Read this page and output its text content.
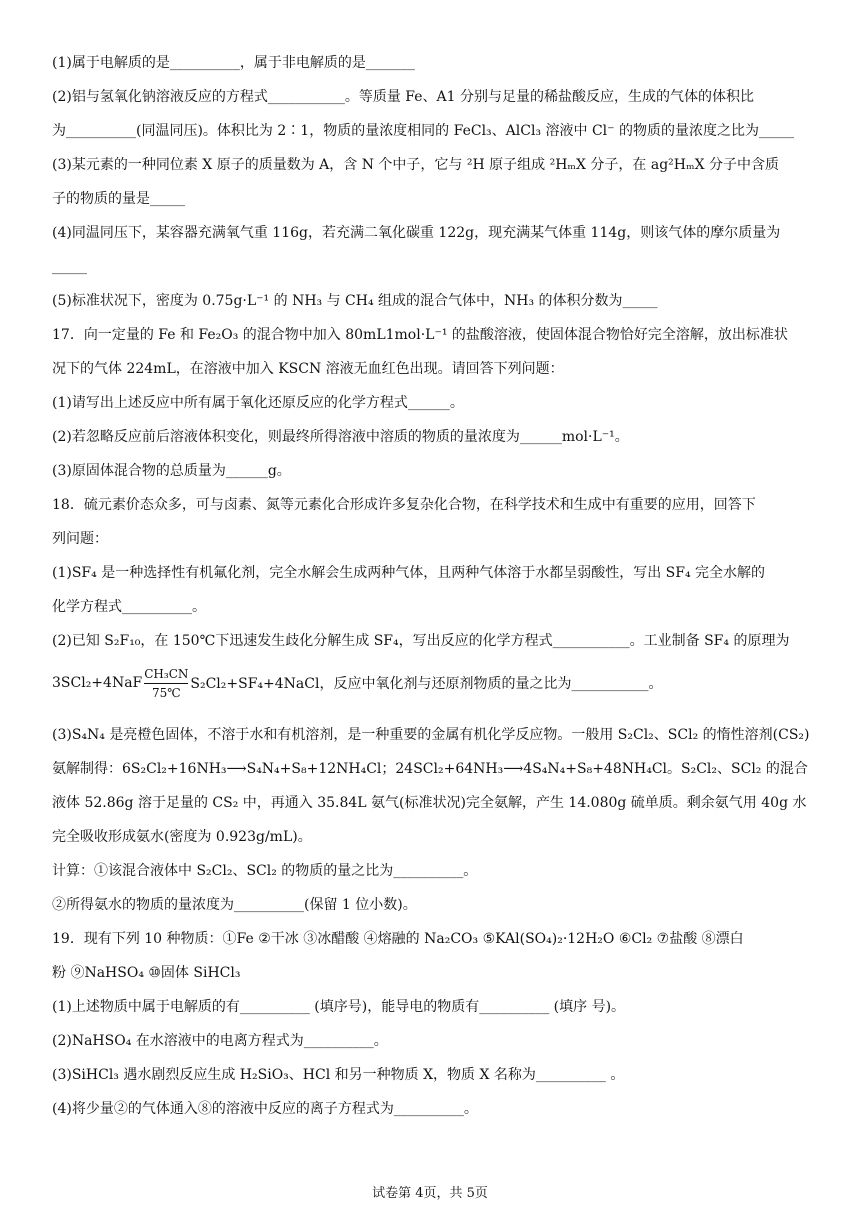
(1)属于电解质的是__________，属于非电解质的是_______

(2)铝与氢氧化钠溶液反应的方程式___________。等质量 Fe、A1 分别与足量的稀盐酸反应，生成的气体的体积比

为__________(同温同压)。体积比为 2∶1，物质的量浓度相同的 FeCl₃、AlCl₃ 溶液中 Cl⁻ 的物质的量浓度之比为_____

(3)某元素的一种同位素 X 原子的质量数为 A，含 N 个中子，它与 ²H 原子组成 ²HₘX 分子，在 ag²HₘX 分子中含质

子的物质的量是_____

(4)同温同压下，某容器充满氧气重 116g，若充满二氧化碳重 122g，现充满某气体重 114g，则该气体的摩尔质量为

_____

(5)标准状况下，密度为 0.75g·L⁻¹ 的 NH₃ 与 CH₄ 组成的混合气体中，NH₃ 的体积分数为_____

17．向一定量的 Fe 和 Fe₂O₃ 的混合物中加入 80mL1mol·L⁻¹ 的盐酸溶液，使固体混合物恰好完全溶解，放出标准状

况下的气体 224mL，在溶液中加入 KSCN 溶液无血红色出现。请回答下列问题：

(1)请写出上述反应中所有属于氧化还原反应的化学方程式______。

(2)若忽略反应前后溶液体积变化，则最终所得溶液中溶质的物质的量浓度为______mol·L⁻¹。

(3)原固体混合物的总质量为______g。

18．硫元素价态众多，可与卤素、氮等元素化合形成许多复杂化合物，在科学技术和生成中有重要的应用，回答下

列问题：

(1)SF₄ 是一种选择性有机氟化剂，完全水解会生成两种气体，且两种气体溶于水都呈弱酸性，写出 SF₄ 完全水解的

化学方程式__________。

(2)已知 S₂F₁₀，在 150℃下迅速发生歧化分解生成 SF₄，写出反应的化学方程式___________。工业制备 SF₄ 的原理为

3SCl₂+4NaF
CH₃CN
75℃
S₂Cl₂+SF₄+4NaCl，反应中氧化剂与还原剂物质的量之比为___________。

(3)S₄N₄ 是亮橙色固体，不溶于水和有机溶剂，是一种重要的金属有机化学反应物。一般用 S₂Cl₂、SCl₂ 的惰性溶剂(CS₂)

氨解制得：6S₂Cl₂+16NH₃⟶S₄N₄+S₈+12NH₄Cl；24SCl₂+64NH₃⟶4S₄N₄+S₈+48NH₄Cl。S₂Cl₂、SCl₂ 的混合

液体 52.86g 溶于足量的 CS₂ 中，再通入 35.84L 氨气(标准状况)完全氨解，产生 14.080g 硫单质。剩余氨气用 40g 水

完全吸收形成氨水(密度为 0.923g/mL)。

计算：①该混合液体中 S₂Cl₂、SCl₂ 的物质的量之比为__________。

②所得氨水的物质的量浓度为__________(保留 1 位小数)。

19．现有下列 10 种物质：①Fe ②干冰 ③冰醋酸 ④熔融的 Na₂CO₃ ⑤KAl(SO₄)₂·12H₂O ⑥Cl₂ ⑦盐酸 ⑧漂白

粉 ⑨NaHSO₄ ⑩固体 SiHCl₃

(1)上述物质中属于电解质的有__________ (填序号)，能导电的物质有__________ (填序 号)。

(2)NaHSO₄ 在水溶液中的电离方程式为__________。

(3)SiHCl₃ 遇水剧烈反应生成 H₂SiO₃、HCl 和另一种物质 X，物质 X 名称为__________ 。

(4)将少量②的气体通入⑧的溶液中反应的离子方程式为__________。

试卷第 4页，共 5页
